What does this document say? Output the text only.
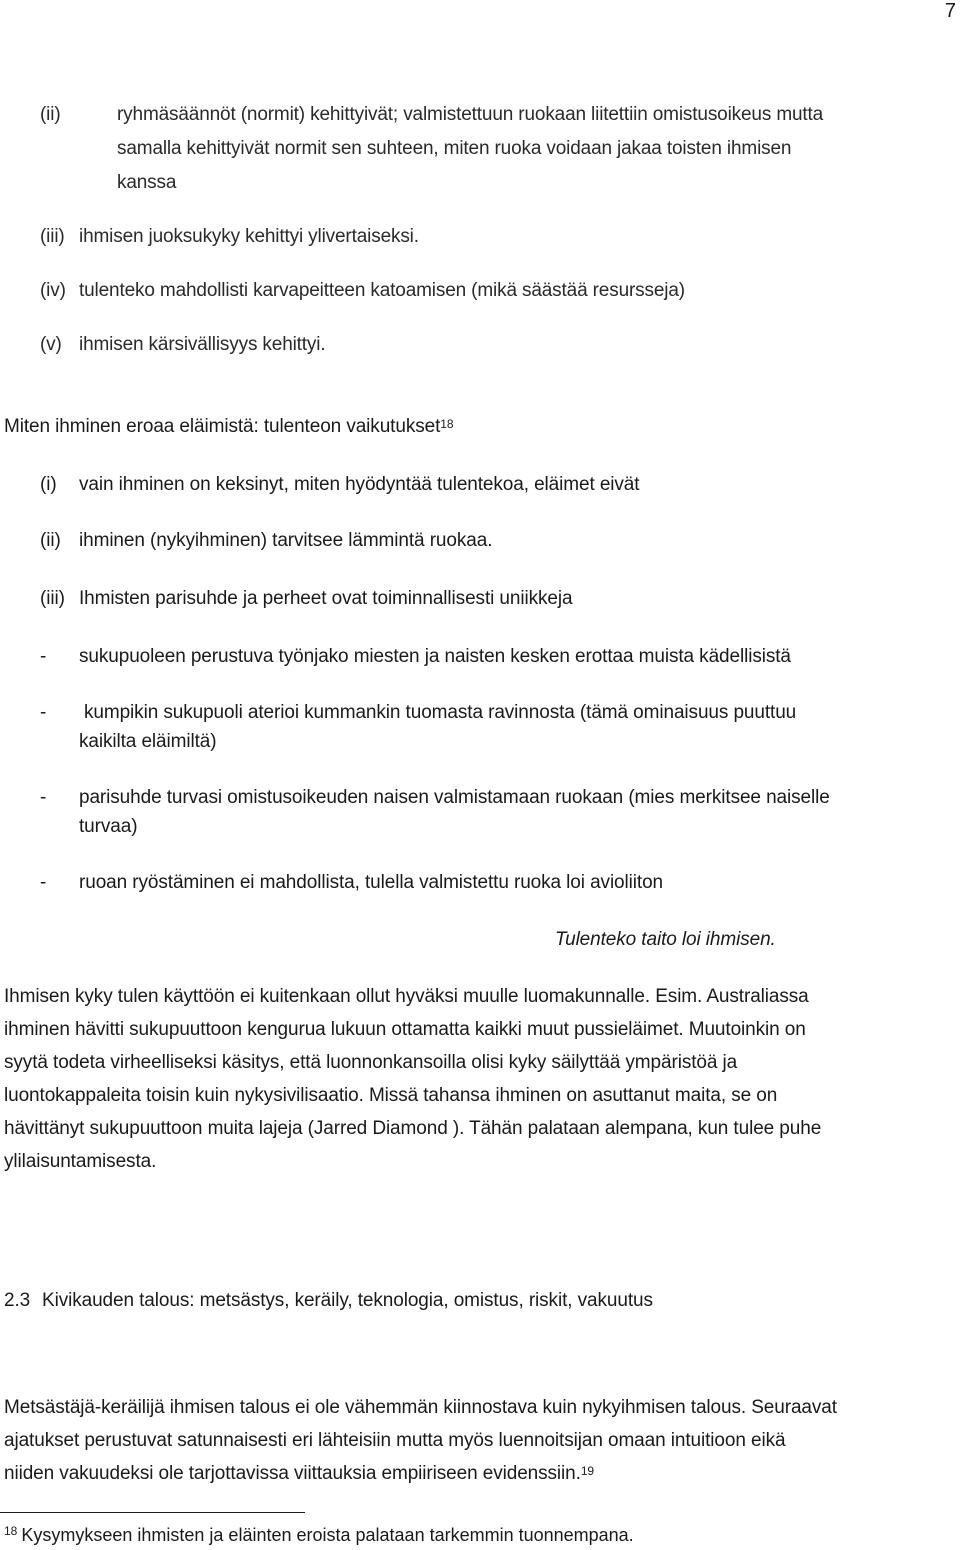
7
(ii)	ryhmäsäännöt (normit) kehittyivät; valmistettuun ruokaan liitettiin omistusoikeus mutta
samalla kehittyivät normit sen suhteen, miten ruoka voidaan jakaa toisten ihmisen
kanssa
(iii) ihmisen juoksukyky kehittyi ylivertaiseksi.
(iv) tulenteko mahdollisti karvapeitteen katoamisen (mikä säästää resursseja)
(v) ihmisen kärsivällisyys kehittyi.
Miten ihminen eroaa eläimistä: tulenteon vaikutukset$^{18}$
(i) vain ihminen on keksinyt, miten hyödyntää tulentekoa, eläimet eivät
(ii) ihminen (nykyihminen) tarvitsee lämmintä ruokaa.
(iii) Ihmisten parisuhde ja perheet ovat toiminnallisesti uniikkeja
- sukupuoleen perustuva työnjako miesten ja naisten kesken erottaa muista kädellisistä
- kumpikin sukupuoli aterioi kummankin tuomasta ravinnosta (tämä ominaisuus puuttuu
kaikilta eläimiltä)
- parisuhde turvasi omistusoikeuden naisen valmistamaan ruokaan (mies merkitsee naiselle
turvaa)
- ruoan ryöstäminen ei mahdollista, tulella valmistettu ruoka loi avioliiton
Tulenteko taito loi ihmisen.
Ihmisen kyky tulen käyttöön ei kuitenkaan ollut hyväksi muulle luomakunnalle. Esim. Australiassa
ihminen hävitti sukupuuttoon kengurua lukuun ottamatta kaikki muut pussieläimet. Muutoinkin on
syytä todeta virheelliseksi käsitys, että luonnonkansoilla olisi kyky säilyttää ympäristöä ja
luontokappaleita toisin kuin nykysivilisaatio. Missä tahansa ihminen on asuttanut maita, se on
hävittänyt sukupuuttoon muita lajeja (Jarred Diamond ). Tähän palataan alempana, kun tulee puhe
ylilaisuntamisesta.
2.3 Kivikauden talous: metsästys, keräily, teknologia, omistus, riskit, vakuutus
Metsästäjä-keräilijä ihmisen talous ei ole vähemmän kiinnostava kuin nykyihmisen talous. Seuraavat
ajatukset perustuvat satunnaisesti eri lähteisiin mutta myös luennoitsijan omaan intuitioon eikä
niiden vakuudeksi ole tarjottavissa viittauksia empiiriseen evidenssiin.$^{19}$
$^{18}$ Kysymykseen ihmisten ja eläinten eroista palataan tarkemmin tuonnempana.
